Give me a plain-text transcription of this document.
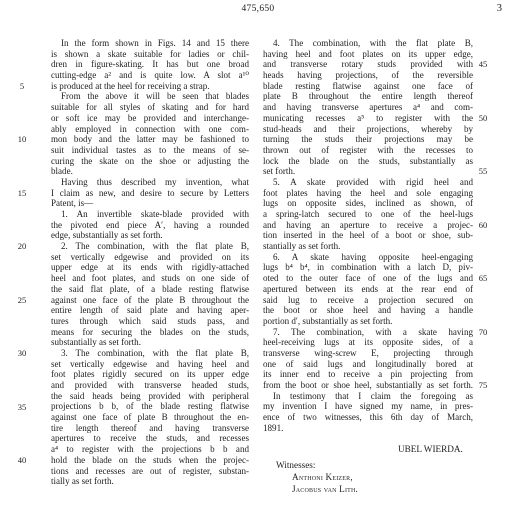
475,650	3
In the form shown in Figs. 14 and 15 there
is shown a skate suitable for ladies or chil-
dren in figure-skating. It has but one broad
cutting-edge a² and is quite low. A slot a¹⁰
is produced at the heel for receiving a strap.
From the above it will be seen that blades
suitable for all styles of skating and for hard
or soft ice may be provided and interchange-
ably employed in connection with one com-
mon body and the latter may be fashioned to
suit individual tastes as to the means of se-
curing the skate on the shoe or adjusting the
blade.
Having thus described my invention, what
I claim as new, and desire to secure by Letters
Patent, is—
1. An invertible skate-blade provided with
the pivoted end piece A′, having a rounded
edge, substantially as set forth.
2. The combination, with the flat plate B,
set vertically edgewise and provided on its
upper edge at its ends with rigidly-attached
heel and foot plates, and studs on one side of
the said flat plate, of a blade resting flatwise
against one face of the plate B throughout the
entire length of said plate and having aper-
tures through which said studs pass, and
means for securing the blades on the studs,
substantially as set forth.
3. The combination, with the flat plate B,
set vertically edgewise and having heel and
foot plates rigidly secured on its upper edge
and provided with transverse headed studs,
the said heads being provided with peripheral
projections b b, of the blade resting flatwise
against one face of plate B throughout the en-
tire length thereof and having transverse
apertures to receive the studs, and recesses
a⁴ to register with the projections b b and
hold the blade on the studs when the projec-
tions and recesses are out of register, substan-
tially as set forth.
4. The combination, with the flat plate B,
having heel and foot plates on its upper edge,
and transverse rotary studs provided with
heads having projections, of the reversible
blade resting flatwise against one face of
plate B throughout the entire length thereof
and having transverse apertures a⁴ and com-
municating recesses a⁵ to register with the
stud-heads and their projections, whereby by
turning the studs their projections may be
thrown out of register with the recesses to
lock the blade on the studs, substantially as
set forth.
5. A skate provided with rigid heel and
foot plates having the heel and sole engaging
lugs on opposite sides, inclined as shown, of
a spring-latch secured to one of the heel-lugs
and having an aperture to receive a projec-
tion inserted in the heel of a boot or shoe, sub-
stantially as set forth.
6. A skate having opposite heel-engaging
lugs b⁴ b⁴, in combination with a latch D, piv-
oted to the outer face of one of the lugs and
apertured between its ends at the rear end of
said lug to receive a projection secured on
the boot or shoe heel and having a handle
portion d′, substantially as set forth.
7. The combination, with a skate having
heel-receiving lugs at its opposite sides, of a
transverse wing-screw E, projecting through
one of said lugs and longitudinally bored at
its inner end to receive a pin projecting from
from the boot or shoe heel, substantially as set forth.
In testimony that I claim the foregoing as
my invention I have signed my name, in pres-
ence of two witnesses, this 6th day of March,
1891.
5
10
15
20
25
30
35
40
45
50
55
60
65
70
75
UBEL WIERDA.
Witnesses:
Anthoni Keizer,
Jacobus van Lith.
